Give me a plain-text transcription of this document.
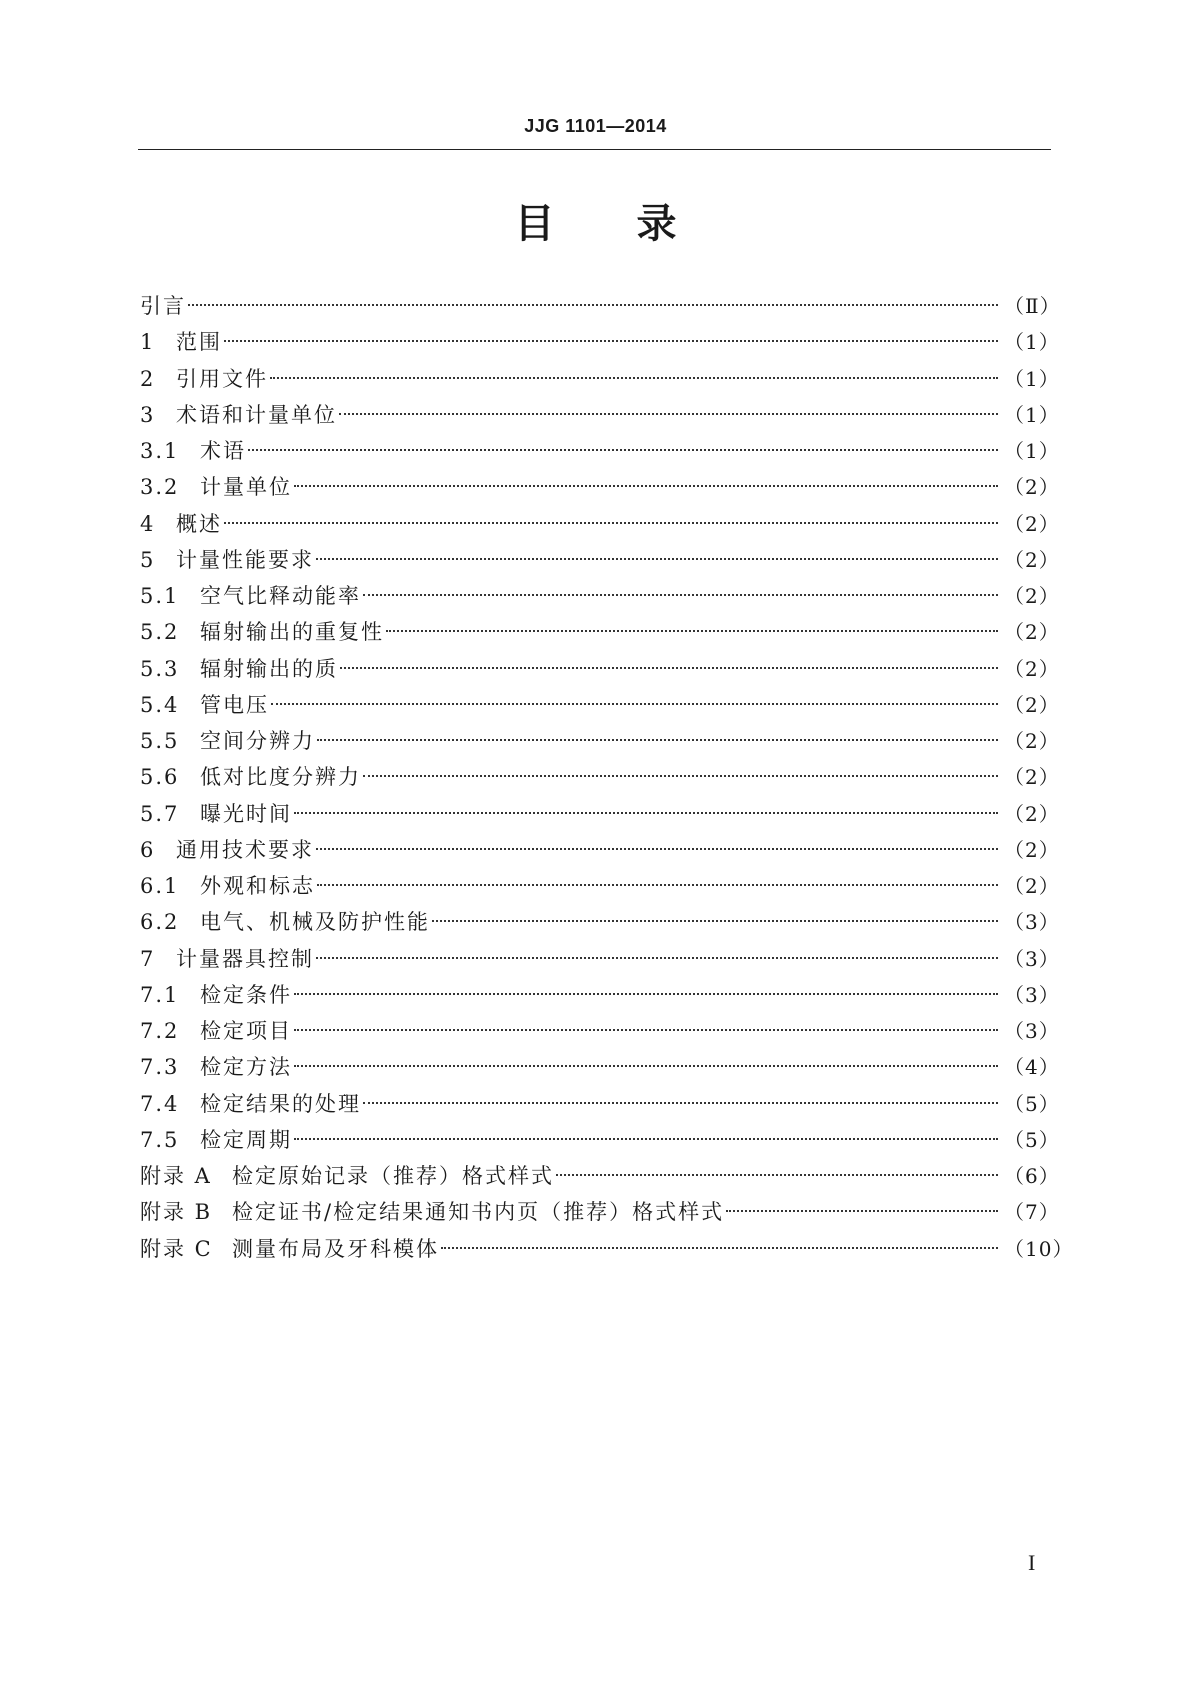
JJG 1101—2014
目 录
引言	（Ⅱ）
1 范围	（1）
2 引用文件	（1）
3 术语和计量单位	（1）
3.1 术语	（1）
3.2 计量单位	（2）
4 概述	（2）
5 计量性能要求	（2）
5.1 空气比释动能率	（2）
5.2 辐射输出的重复性	（2）
5.3 辐射输出的质	（2）
5.4 管电压	（2）
5.5 空间分辨力	（2）
5.6 低对比度分辨力	（2）
5.7 曝光时间	（2）
6 通用技术要求	（2）
6.1 外观和标志	（2）
6.2 电气、机械及防护性能	（3）
7 计量器具控制	（3）
7.1 检定条件	（3）
7.2 检定项目	（3）
7.3 检定方法	（4）
7.4 检定结果的处理	（5）
7.5 检定周期	（5）
附录 A 检定原始记录（推荐）格式样式	（6）
附录 B 检定证书/检定结果通知书内页（推荐）格式样式	（7）
附录 C 测量布局及牙科模体	（10）
I
